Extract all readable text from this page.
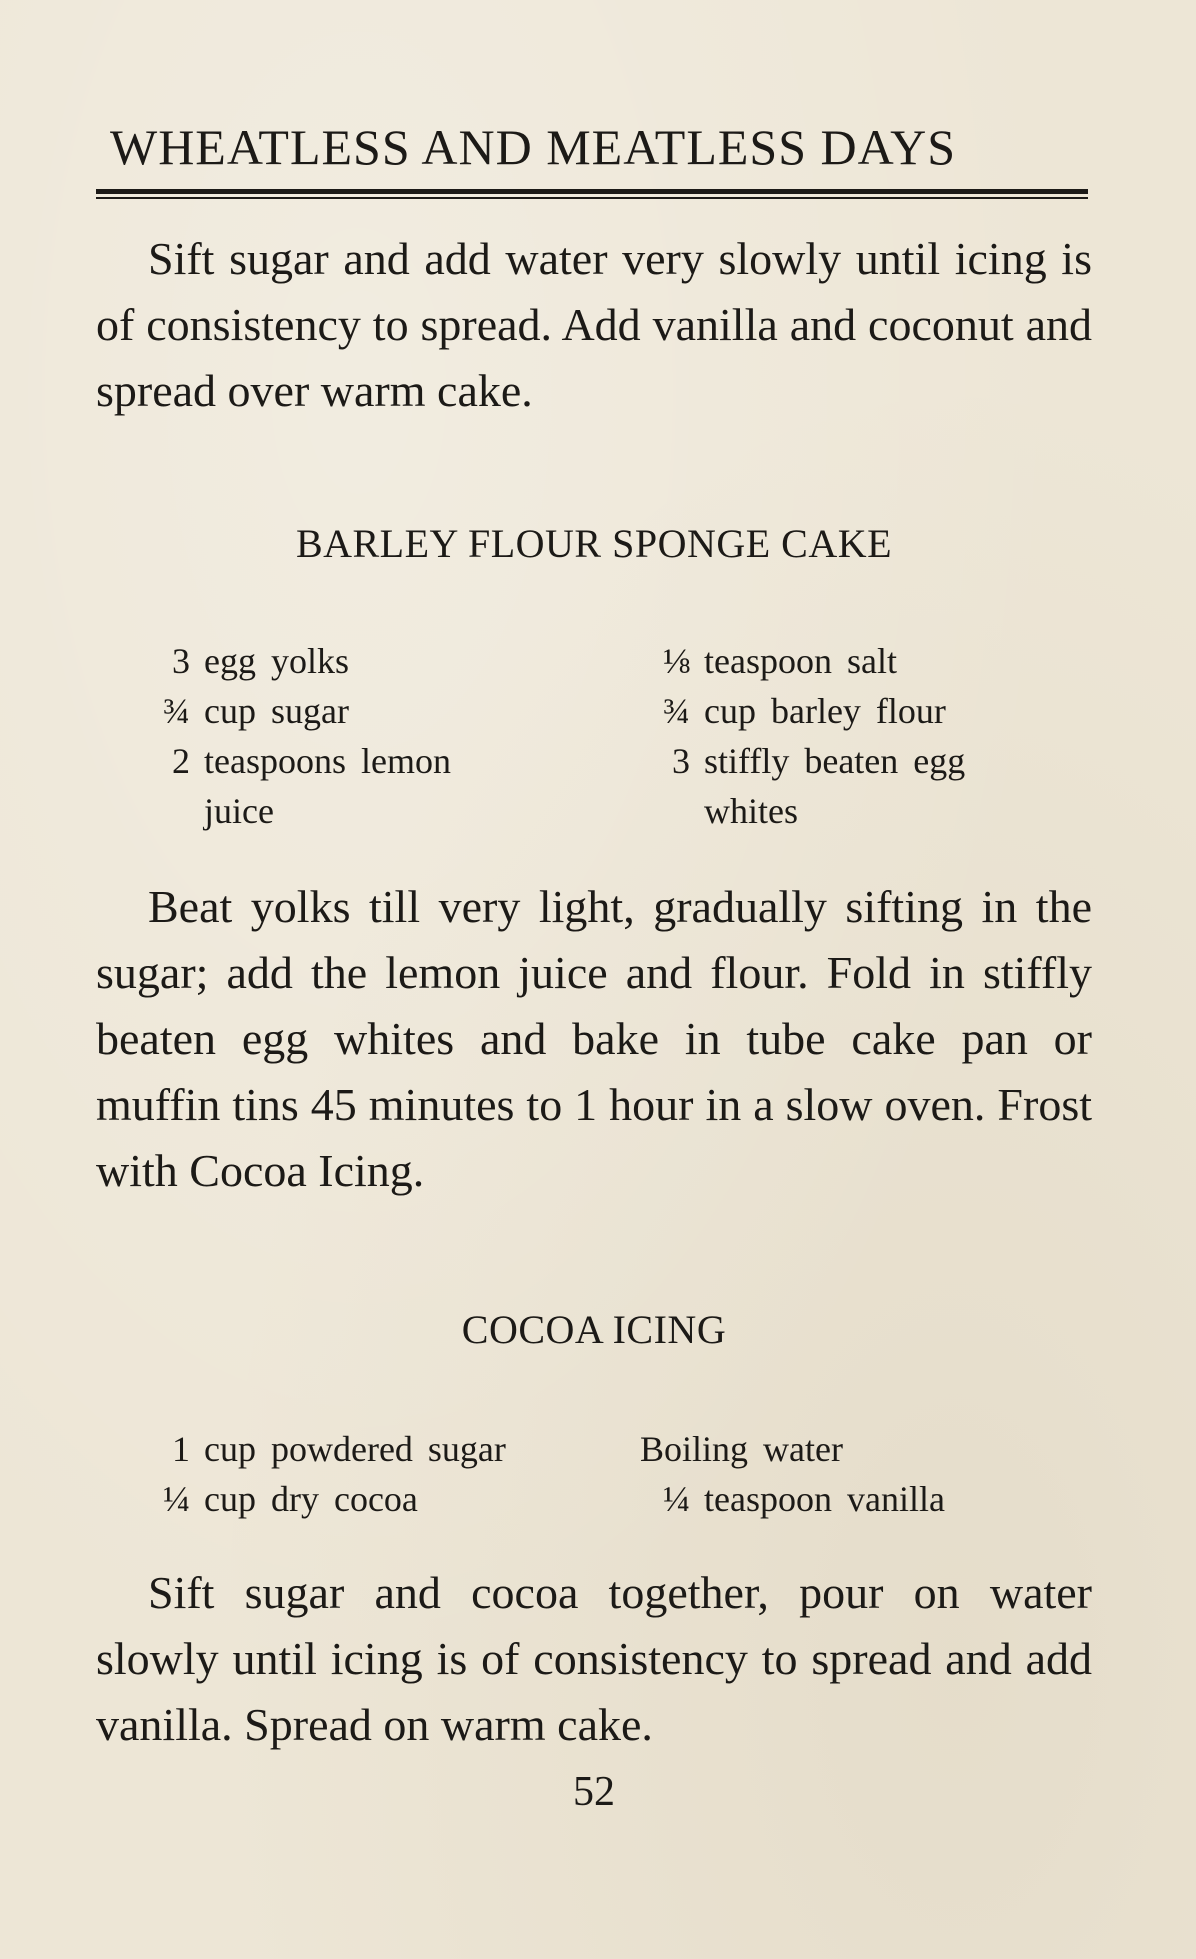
WHEATLESS AND MEATLESS DAYS

Sift sugar and add water very slowly until icing is of consistency to spread. Add vanilla and coconut and spread over warm cake.

BARLEY FLOUR SPONGE CAKE
3 egg yolks
¾ cup sugar
2 teaspoons lemon juice
⅛ teaspoon salt
¾ cup barley flour
3 stiffly beaten egg whites

Beat yolks till very light, gradually sifting in the sugar; add the lemon juice and flour. Fold in stiffly beaten egg whites and bake in tube cake pan or muffin tins 45 minutes to 1 hour in a slow oven. Frost with Cocoa Icing.

COCOA ICING
1 cup powdered sugar
¼ cup dry cocoa
Boiling water
¼ teaspoon vanilla

Sift sugar and cocoa together, pour on water slowly until icing is of consistency to spread and add vanilla. Spread on warm cake.

52
